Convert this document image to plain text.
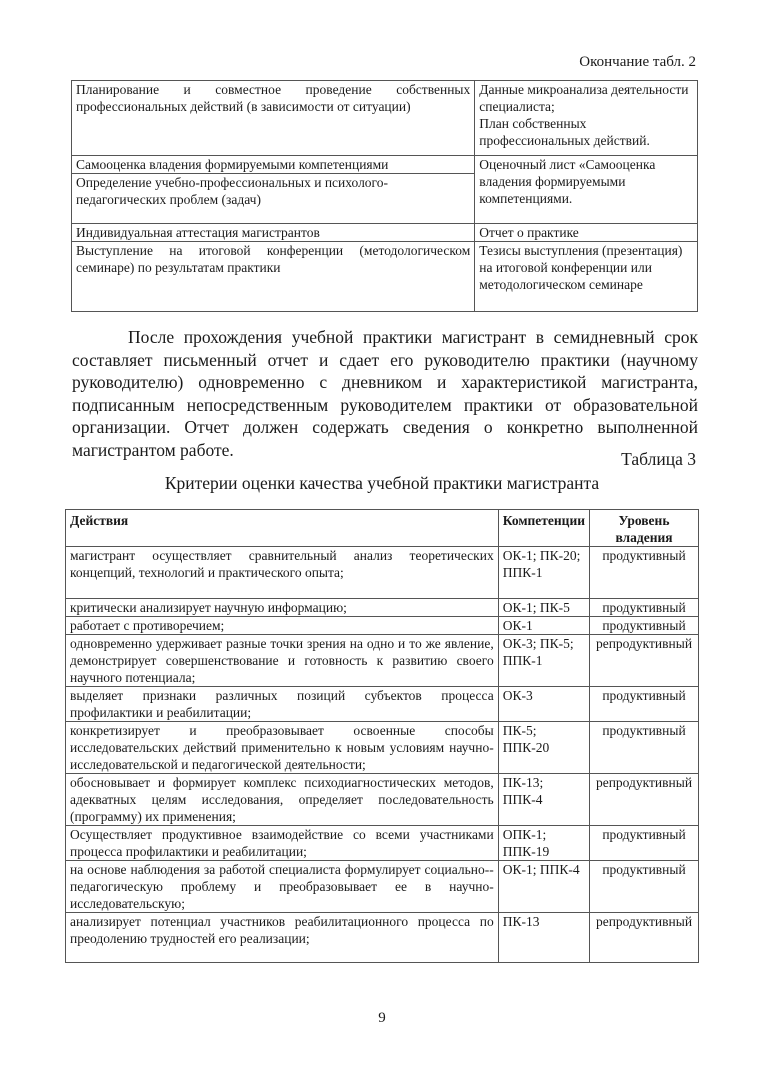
Окончание табл. 2
Планирование и совместное проведение собственных профессиональных действий (в зависимости от ситуации)	Данные микроанализа деятельности специалиста;
План собственных профессиональных действий.

Самооценка владения формируемыми компетенциями	Оценочный лист «Самооценка владения формируемыми компетенциями.
Определение учебно-профессиональных и психолого-педагогических проблем (задач)	
Индивидуальная аттестация магистрантов	Отчет о практике
Выступление на итоговой конференции (методологическом семинаре) по результатам практики	Тезисы выступления (презентация) на итоговой конференции или методологическом семинаре
После прохождения учебной практики магистрант в семидневный срок составляет письменный отчет и сдает его руководителю практики (научному руководителю) одновременно с дневником и характеристикой магистранта, подписанным непосредственным руководителем практики от образовательной организации. Отчет должен содержать сведения о конкретно выполненной магистрантом работе.	Таблица 3
Критерии оценки качества учебной практики магистранта
Действия	Компетенции	Уровень владения
магистрант осуществляет сравнительный анализ теоретических концепций, технологий и практического опыта;	ОК-1; ПК-20; ППК-1	продуктивный
критически анализирует научную информацию;	ОК-1; ПК-5	продуктивный
работает с противоречием;	ОК-1	продуктивный
одновременно удерживает разные точки зрения на одно и то же явление, демонстрирует совершенствование и готовность к развитию своего научного потенциала;	ОК-3; ПК-5; ППК-1	репродуктивный
выделяет признаки различных позиций субъектов процесса профилактики и реабилитации;	ОК-3	продуктивный
конкретизирует и преобразовывает освоенные способы исследовательских действий применительно к новым условиям научно-исследовательской и педагогической деятельности;	ПК-5; ППК-20	продуктивный
обосновывает и формирует комплекс психодиагностических методов, адекватных целям исследования, определяет последовательность (программу) их применения;	ПК-13; ППК-4	репродуктивный
Осуществляет продуктивное взаимодействие со всеми участниками процесса профилактики и реабилитации;	ОПК-1; ППК-19	продуктивный
на основе наблюдения за работой специалиста формулирует социально--педагогическую проблему и преобразовывает ее в научно-исследовательскую;	ОК-1; ППК-4	продуктивный
анализирует потенциал участников реабилитационного процесса по преодолению трудностей его реализации;	ПК-13	репродуктивный
9
